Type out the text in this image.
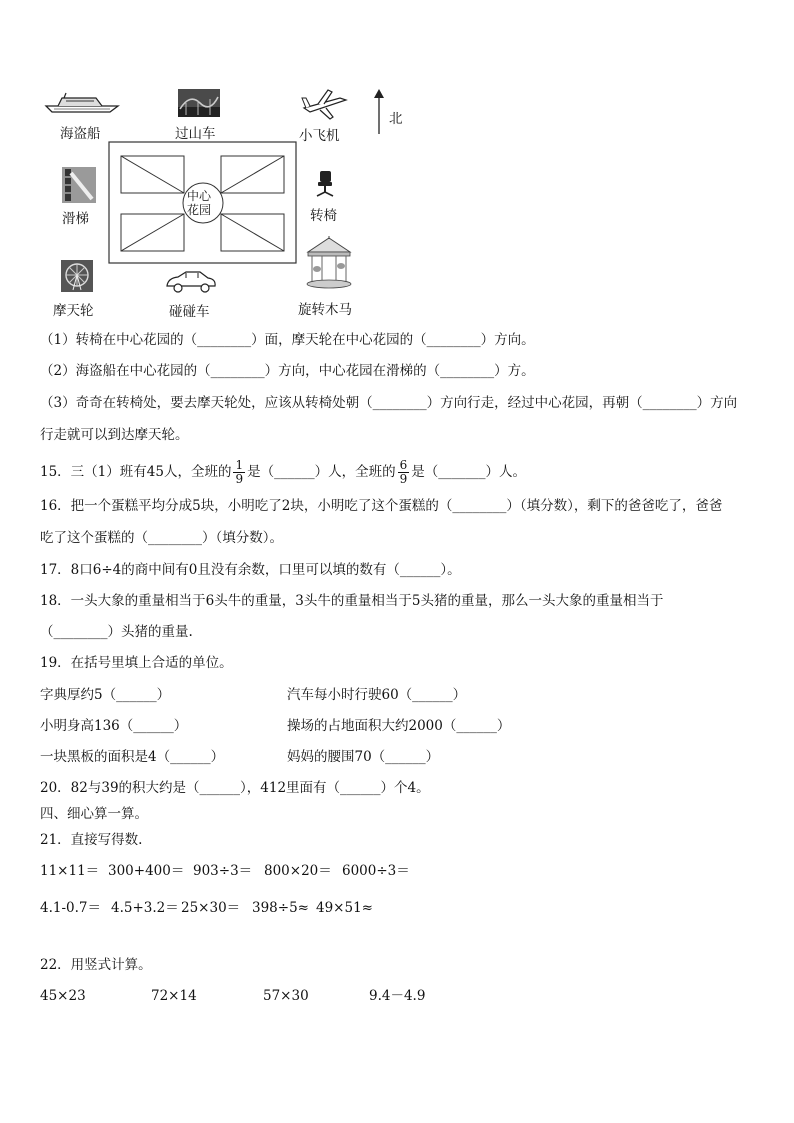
海盗船	过山车	小飞机
北
滑梯	转椅
摩天轮	碰碰车	旋转木马
中心
花园
（1）转椅在中心花园的（________）面，摩天轮在中心花园的（________）方向。
（2）海盗船在中心花园的（________）方向，中心花园在滑梯的（________）方。
（3）奇奇在转椅处，要去摩天轮处，应该从转椅处朝（________）方向行走，经过中心花园，再朝（________）方向
行走就可以到达摩天轮。
15．三（1）班有45人，全班的 $\frac{1}{9}$ 是（______）人，全班的 $\frac{6}{9}$ 是（_______）人。
16．把一个蛋糕平均分成5块，小明吃了2块，小明吃了这个蛋糕的（________）（填分数），剩下的爸爸吃了，爸爸
吃了这个蛋糕的（________）（填分数）。
17．8口6÷4的商中间有0且没有余数，口里可以填的数有（______）。
18．一头大象的重量相当于6头牛的重量，3头牛的重量相当于5头猪的重量，那么一头大象的重量相当于
（________）头猪的重量.
19．在括号里填上合适的单位。
字典厚约5（______）	汽车每小时行驶60（______）
小明身高136（______）	操场的占地面积大约2000（______）
一块黑板的面积是4（______）	妈妈的腰围70（______）
20．82与39的积大约是（______），412里面有（______）个4。
四、细心算一算。
21．直接写得数.
11×11＝ 300+400＝ 903÷3＝ 800×20＝ 6000÷3＝
4.1-0.7＝ 4.5+3.2＝ 25×30＝ 398÷5≈ 49×51≈
22．用竖式计算。
45×23	72×14	57×30	9.4－4.9
